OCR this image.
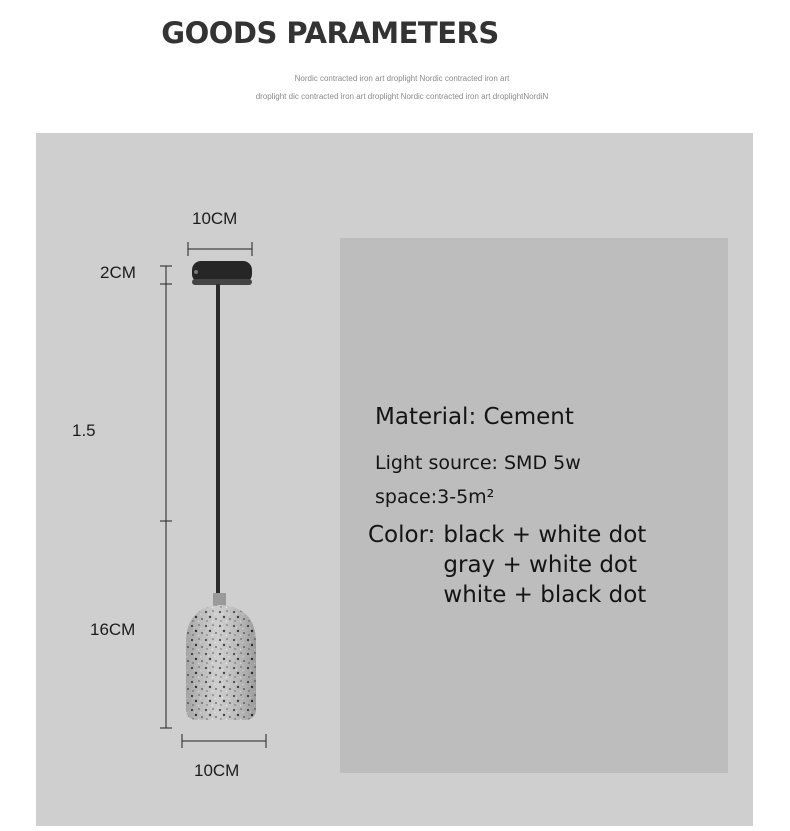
GOODS PARAMETERS
Nordic contracted iron art droplight Nordic contracted iron art
droplight dic contracted iron art droplight Nordic contracted iron art droplightNordiN
10CM
2CM
1.5
16CM
10CM
Material: Cement
Light source: SMD 5w
space:3-5m²
Color: black + white dot
gray + white dot
white + black dot
